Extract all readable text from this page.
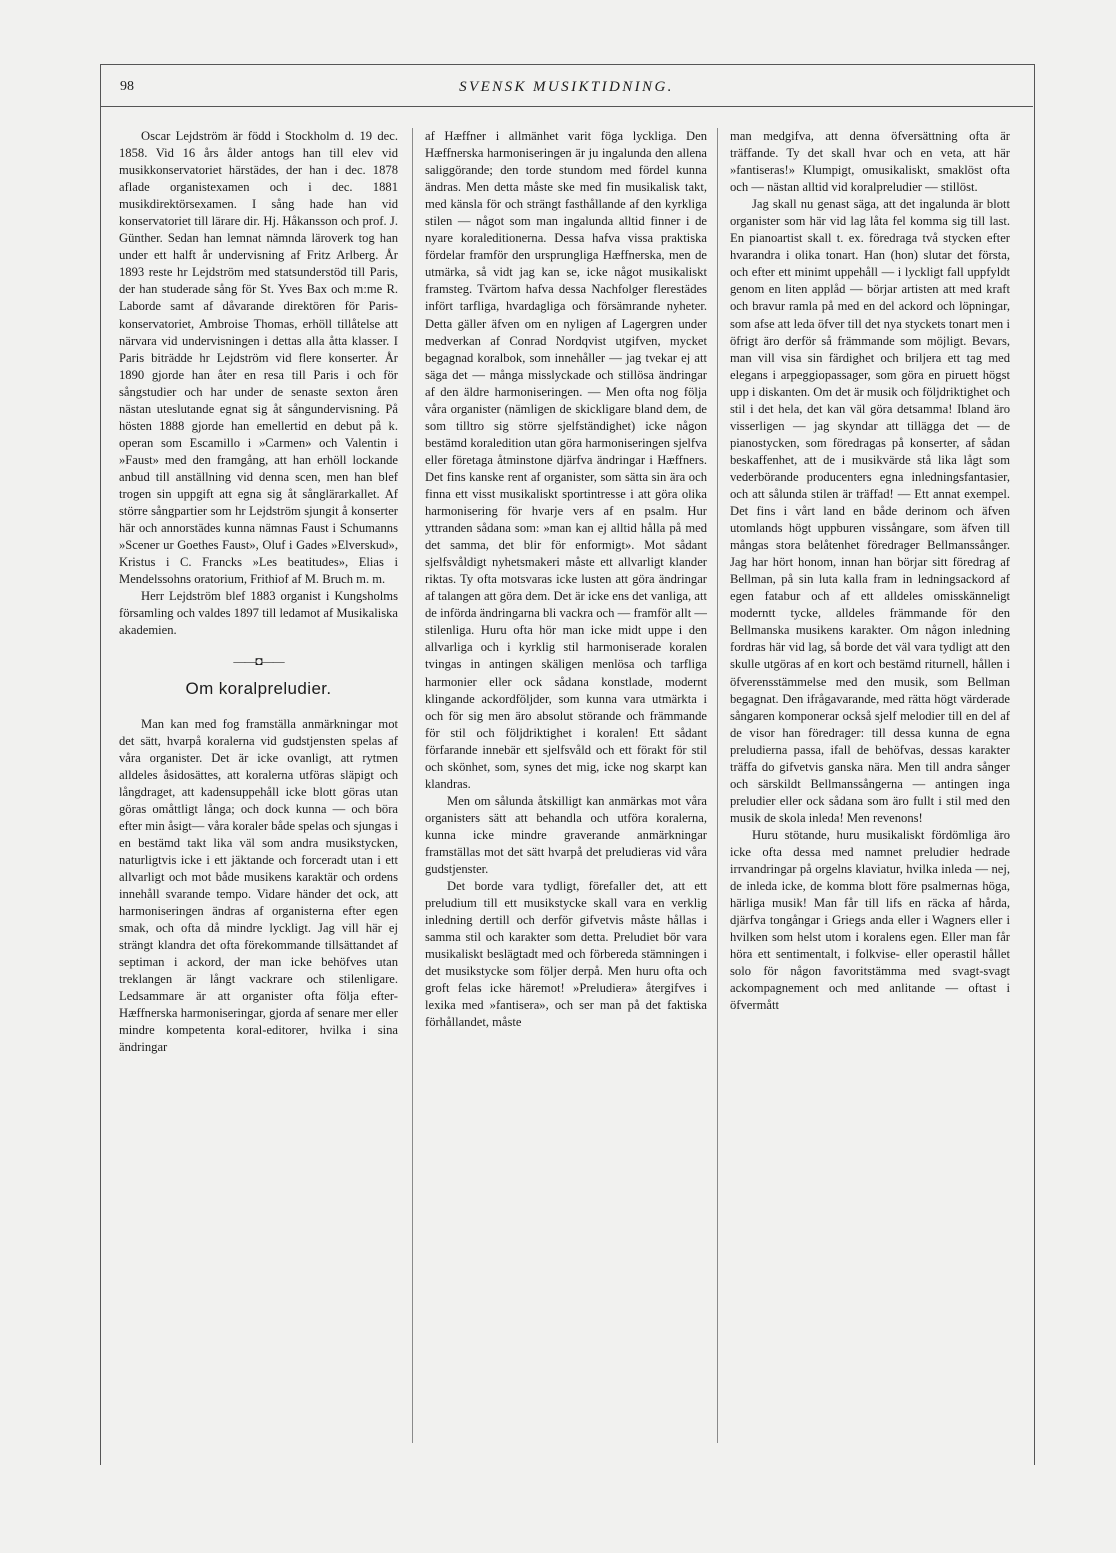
98	SVENSK MUSIKTIDNING.

Oscar Lejdström är född i Stockholm d. 19 dec. 1858. Vid 16 års ålder antogs han till elev vid musikkonservatoriet härstädes, der han i dec. 1878 aflade organistexamen och i dec. 1881 musikdirektörsexamen. I sång hade han vid konservatoriet till lärare dir. Hj. Håkansson och prof. J. Günther. Sedan han lemnat nämnda läroverk tog han under ett halft år undervisning af Fritz Arlberg. År 1893 reste hr Lejdström med statsunderstöd till Paris, der han studerade sång för St. Yves Bax och m:me R. Laborde samt af dåvarande direktören för Paris-konservatoriet, Ambroise Thomas, erhöll tillåtelse att närvara vid undervisningen i dettas alla åtta klasser. I Paris biträdde hr Lejdström vid flere konserter. År 1890 gjorde han åter en resa till Paris i och för sångstudier och har under de senaste sexton åren nästan uteslutande egnat sig åt sångundervisning. På hösten 1888 gjorde han emellertid en debut på k. operan som Escamillo i »Carmen» och Valentin i »Faust» med den framgång, att han erhöll lockande anbud till anställning vid denna scen, men han blef trogen sin uppgift att egna sig åt sånglärarkallet. Af större sångpartier som hr Lejdström sjungit å konserter här och annorstädes kunna nämnas Faust i Schumanns »Scener ur Goethes Faust», Oluf i Gades »Elverskud», Kristus i C. Francks »Les beatitudes», Elias i Mendelssohns oratorium, Frithiof af M. Bruch m. m.

Herr Lejdström blef 1883 organist i Kungsholms församling och valdes 1897 till ledamot af Musikaliska akademien.

——◘——
Om koralpreludier.

Man kan med fog framställa anmärkningar mot det sätt, hvarpå koralerna vid gudstjensten spelas af våra organister. Det är icke ovanligt, att rytmen alldeles åsidosättes, att koralerna utföras släpigt och långdraget, att kadensuppehåll icke blott göras utan göras omåttligt långa; och dock kunna — och böra efter min åsigt— våra koraler både spelas och sjungas i en bestämd takt lika väl som andra musikstycken, naturligtvis icke i ett jäktande och forceradt utan i ett allvarligt och mot både musikens karaktär och ordens innehåll svarande tempo. Vidare händer det ock, att harmoniseringen ändras af organisterna efter egen smak, och ofta då mindre lyckligt. Jag vill här ej strängt klandra det ofta förekommande tillsättandet af septiman i ackord, der man icke behöfves utan treklangen är långt vackrare och stilenligare. Ledsammare är att organister ofta följa efter-Hæffnerska harmoniseringar, gjorda af senare mer eller mindre kompetenta koral-editorer, hvilka i sina ändringar

af Hæffner i allmänhet varit föga lyckliga. Den Hæffnerska harmoniseringen är ju ingalunda den allena saliggörande; den torde stundom med fördel kunna ändras. Men detta måste ske med fin musikalisk takt, med känsla för och strängt fasthållande af den kyrkliga stilen — något som man ingalunda alltid finner i de nyare koraleditionerna. Dessa hafva vissa praktiska fördelar framför den ursprungliga Hæffnerska, men de utmärka, så vidt jag kan se, icke något musikaliskt framsteg. Tvärtom hafva dessa Nachfolger flerestädes infört tarfliga, hvardagliga och försämrande nyheter. Detta gäller äfven om en nyligen af Lagergren under medverkan af Conrad Nordqvist utgifven, mycket begagnad koralbok, som innehåller — jag tvekar ej att säga det — många misslyckade och stillösa ändringar af den äldre harmoniseringen. — Men ofta nog följa våra organister (nämligen de skickligare bland dem, de som tilltro sig större sjelfständighet) icke någon bestämd koraledition utan göra harmoniseringen sjelfva eller företaga åtminstone djärfva ändringar i Hæffners. Det fins kanske rent af organister, som sätta sin ära och finna ett visst musikaliskt sportintresse i att göra olika harmonisering för hvarje vers af en psalm. Hur yttranden sådana som: »man kan ej alltid hålla på med det samma, det blir för enformigt». Mot sådant sjelfsvåldigt nyhetsmakeri måste ett allvarligt klander riktas. Ty ofta motsvaras icke lusten att göra ändringar af talangen att göra dem. Det är icke ens det vanliga, att de införda ändringarna bli vackra och — framför allt — stilenliga. Huru ofta hör man icke midt uppe i den allvarliga och i kyrklig stil harmoniserade koralen tvingas in antingen skäligen menlösa och tarfliga harmonier eller ock sådana konstlade, modernt klingande ackordföljder, som kunna vara utmärkta i och för sig men äro absolut störande och främmande för stil och följdriktighet i koralen! Ett sådant förfarande innebär ett sjelfsvåld och ett förakt för stil och skönhet, som, synes det mig, icke nog skarpt kan klandras.

Men om sålunda åtskilligt kan anmärkas mot våra organisters sätt att behandla och utföra koralerna, kunna icke mindre graverande anmärkningar framställas mot det sätt hvarpå det preludieras vid våra gudstjenster.

Det borde vara tydligt, förefaller det, att ett preludium till ett musikstycke skall vara en verklig inledning dertill och derför gifvetvis måste hållas i samma stil och karakter som detta. Preludiet bör vara musikaliskt beslägtadt med och förbereda stämningen i det musikstycke som följer derpå. Men huru ofta och groft felas icke häremot! »Preludiera» återgifves i lexika med »fantisera», och ser man på det faktiska förhållandet, måste

man medgifva, att denna öfversättning ofta är träffande. Ty det skall hvar och en veta, att här »fantiseras!» Klumpigt, omusikaliskt, smaklöst ofta och — nästan alltid vid koralpreludier — stillöst.

Jag skall nu genast säga, att det ingalunda är blott organister som här vid lag låta fel komma sig till last. En pianoartist skall t. ex. föredraga två stycken efter hvarandra i olika tonart. Han (hon) slutar det första, och efter ett minimt uppehåll — i lyckligt fall uppfyldt genom en liten applåd — börjar artisten att med kraft och bravur ramla på med en del ackord och löpningar, som afse att leda öfver till det nya styckets tonart men i öfrigt äro derför så främmande som möjligt. Bevars, man vill visa sin färdighet och briljera ett tag med elegans i arpeggiopassager, som göra en piruett högst upp i diskanten. Om det är musik och följdriktighet och stil i det hela, det kan väl göra detsamma! Ibland äro visserligen — jag skyndar att tillägga det — de pianostycken, som föredragas på konserter, af sådan beskaffenhet, att de i musikvärde stå lika lågt som vederbörande producenters egna inledningsfantasier, och att sålunda stilen är träffad! — Ett annat exempel. Det fins i vårt land en både derinom och äfven utomlands högt uppburen vissångare, som äfven till mångas stora belåtenhet föredrager Bellmanssånger. Jag har hört honom, innan han börjar sitt föredrag af Bellman, på sin luta kalla fram in ledningsackord af egen fatabur och af ett alldeles omisskänneligt moderntt tycke, alldeles främmande för den Bellmanska musikens karakter. Om någon inledning fordras här vid lag, så borde det väl vara tydligt att den skulle utgöras af en kort och bestämd riturnell, hållen i öfverensstämmelse med den musik, som Bellman begagnat. Den ifrågavarande, med rätta högt värderade sångaren komponerar också sjelf melodier till en del af de visor han föredrager: till dessa kunna de egna preludierna passa, ifall de behöfvas, dessas karakter träffa do gifvetvis ganska nära. Men till andra sånger och särskildt Bellmanssångerna — antingen inga preludier eller ock sådana som äro fullt i stil med den musik de skola inleda! Men revenons!

Huru stötande, huru musikaliskt fördömliga äro icke ofta dessa med namnet preludier hedrade irrvandringar på orgelns klaviatur, hvilka inleda — nej, de inleda icke, de komma blott före psalmernas höga, härliga musik! Man får till lifs en räcka af hårda, djärfva tongångar i Griegs anda eller i Wagners eller i hvilken som helst utom i koralens egen. Eller man får höra ett sentimentalt, i folkvise- eller operastil hållet solo för någon favoritstämma med svagt-svagt ackompagnement och med anlitande — oftast i öfvermått
